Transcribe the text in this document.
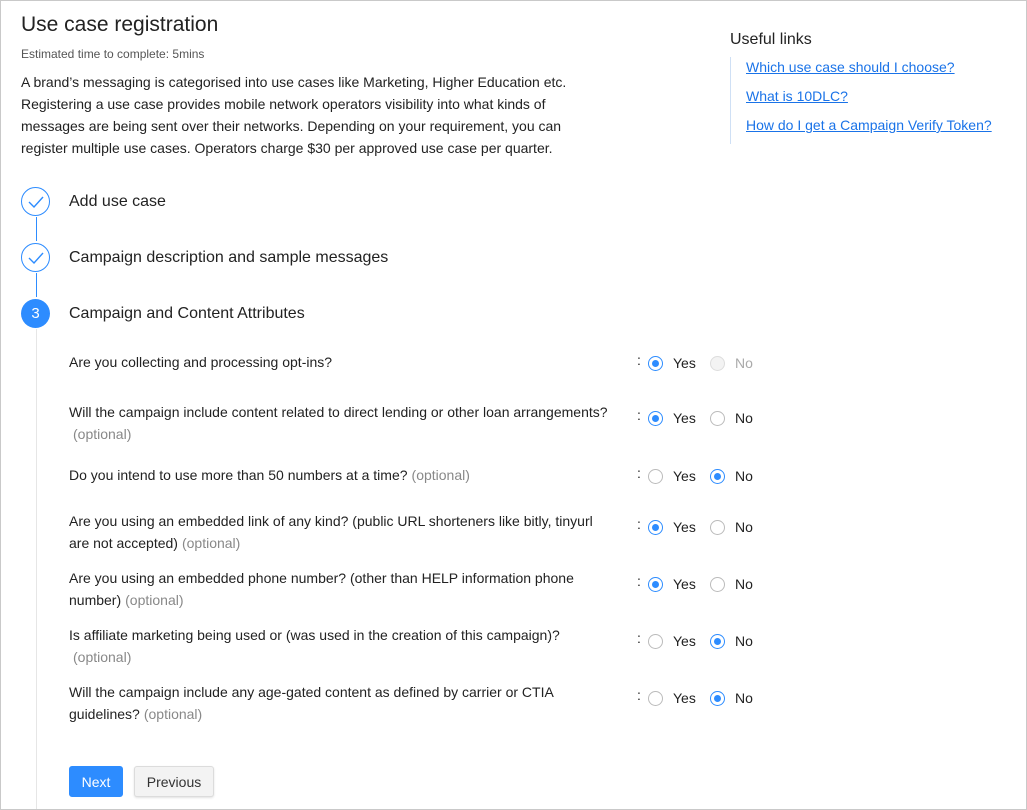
Use case registration
Estimated time to complete: 5mins
A brand’s messaging is categorised into use cases like Marketing, Higher Education etc. Registering a use case provides mobile network operators visibility into what kinds of messages are being sent over their networks. Depending on your requirement, you can register multiple use cases. Operators charge $30 per approved use case per quarter.
Useful links
Which use case should I choose?
What is 10DLC?
How do I get a Campaign Verify Token?
Add use case
Campaign description and sample messages
3	Campaign and Content Attributes
Are you collecting and processing opt-ins?	: Yes	No
Will the campaign include content related to direct lending or other loan arrangements?(optional)
: Yes	No
Do you intend to use more than 50 numbers at a time? (optional)	: Yes	No
Are you using an embedded link of any kind? (public URL shorteners like bitly, tinyurl are not accepted) (optional)
: Yes	No
Are you using an embedded phone number? (other than HELP information phone number) (optional)
: Yes	No
Is affiliate marketing being used or (was used in the creation of this campaign)?(optional)
: Yes	No
Will the campaign include any age-gated content as defined by carrier or CTIA guidelines? (optional)
: Yes	No
Next	Previous
